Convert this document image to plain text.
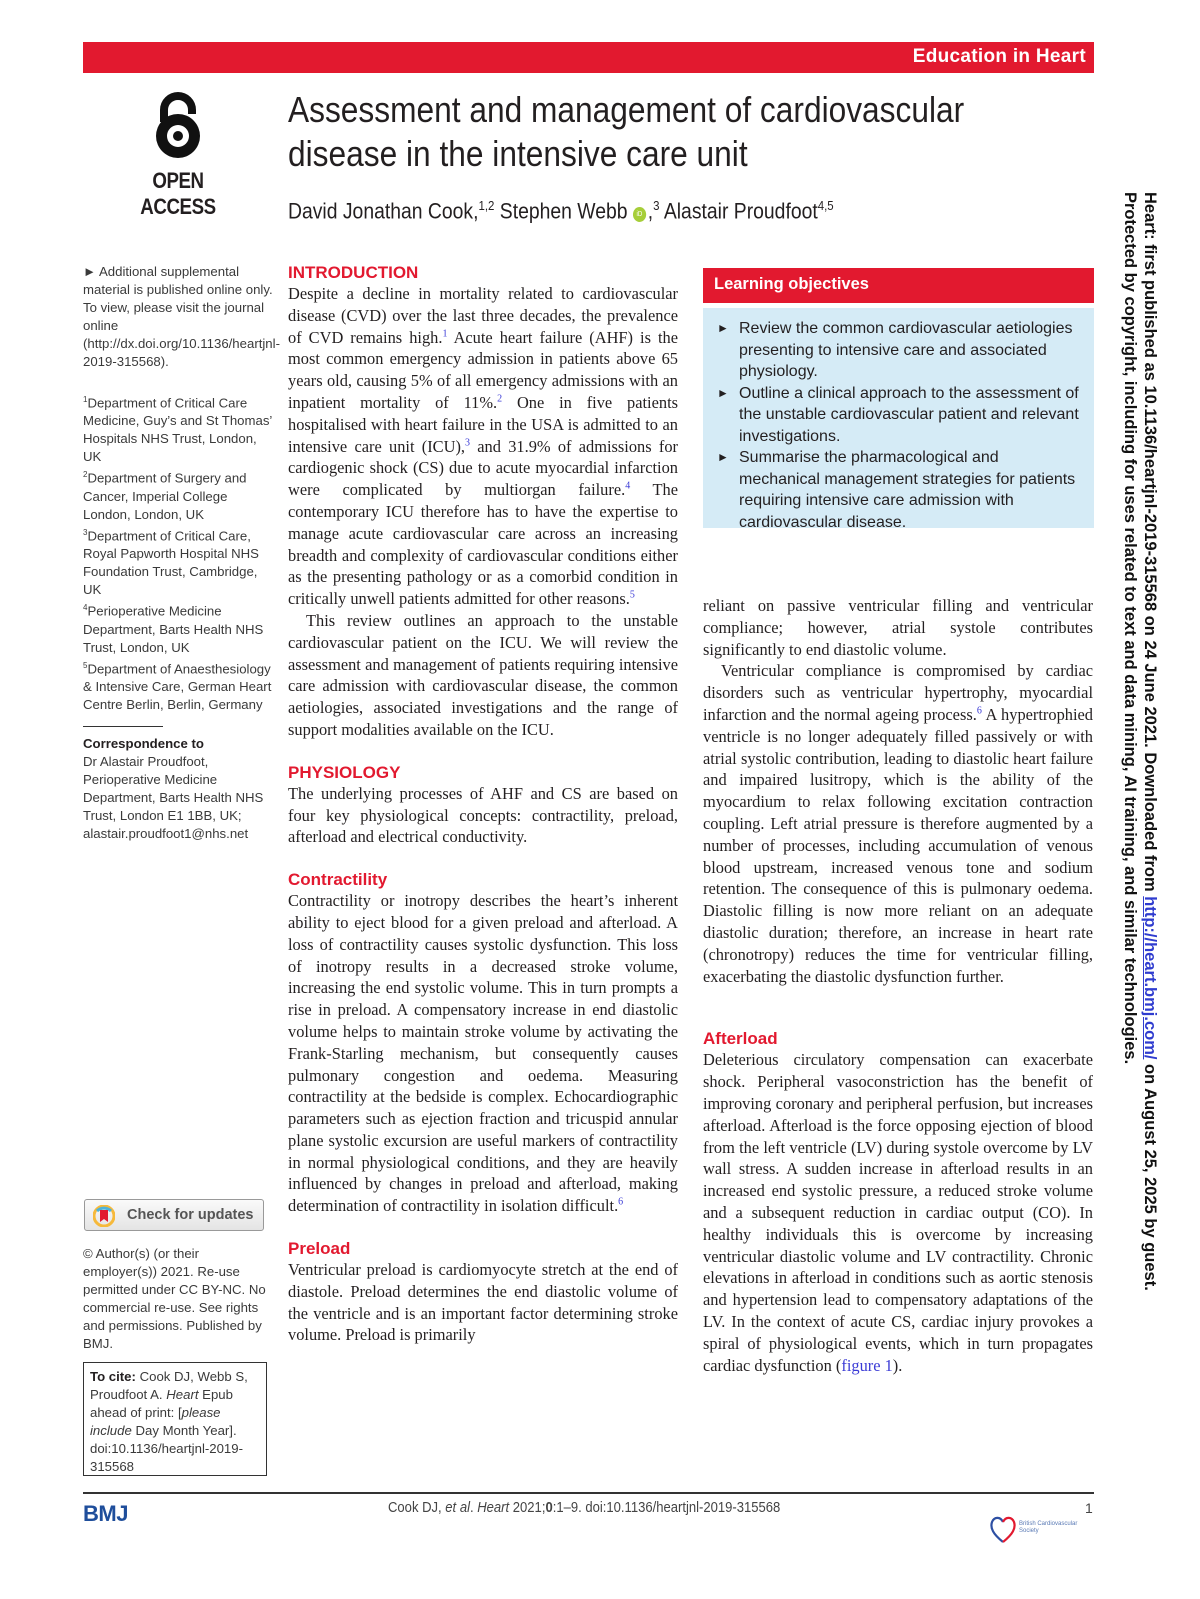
Education in Heart
OPEN ACCESS
Assessment and management of cardiovascular
disease in the intensive care unit
David Jonathan Cook,$^{1,2}$ Stephen Webb iD ,$^3$ Alastair Proudfoot$^{4,5}$

► Additional supplemental material is published online only. To view, please visit the journal online (http://dx.doi.org/10.1136/heartjnl-2019-315568).

$^1$Department of Critical Care Medicine, Guy’s and St Thomas’ Hospitals NHS Trust, London, UK

$^2$Department of Surgery and Cancer, Imperial College London, London, UK

$^3$Department of Critical Care, Royal Papworth Hospital NHS Foundation Trust, Cambridge, UK

$^4$Perioperative Medicine Department, Barts Health NHS Trust, London, UK

$^5$Department of Anaesthesiology & Intensive Care, German Heart Centre Berlin, Berlin, Germany

Correspondence to
Dr Alastair Proudfoot, Perioperative Medicine Department, Barts Health NHS Trust, London E1 1BB, UK; alastair.proudfoot1@nhs.net
Check for updates
© Author(s) (or their employer(s)) 2021. Re-use permitted under CC BY-NC. No commercial re-use. See rights and permissions. Published by BMJ.
To cite: Cook DJ, Webb S, Proudfoot A. Heart Epub ahead of print: [please include Day Month Year]. doi:10.1136/heartjnl-2019-315568
INTRODUCTION

Despite a decline in mortality related to cardiovascular disease (CVD) over the last three decades, the prevalence of CVD remains high.$^1$ Acute heart failure (AHF) is the most common emergency admission in patients above 65 years old, causing 5% of all emergency admissions with an inpatient mortality of 11%.$^2$ One in five patients hospitalised with heart failure in the USA is admitted to an intensive care unit (ICU),$^3$ and 31.9% of admissions for cardiogenic shock (CS) due to acute myocardial infarction were complicated by multiorgan failure.$^4$ The contemporary ICU therefore has to have the expertise to manage acute cardiovascular care across an increasing breadth and complexity of cardiovascular conditions either as the presenting pathology or as a comorbid condition in critically unwell patients admitted for other reasons.$^5$

This review outlines an approach to the unstable cardiovascular patient on the ICU. We will review the assessment and management of patients requiring intensive care admission with cardiovascular disease, the common aetiologies, associated investigations and the range of support modalities available on the ICU.

PHYSIOLOGY

The underlying processes of AHF and CS are based on four key physiological concepts: contractility, preload, afterload and electrical conductivity.

Contractility

Contractility or inotropy describes the heart’s inherent ability to eject blood for a given preload and afterload. A loss of contractility causes systolic dysfunction. This loss of inotropy results in a decreased stroke volume, increasing the end systolic volume. This in turn prompts a rise in preload. A compensatory increase in end diastolic volume helps to maintain stroke volume by activating the Frank-Starling mechanism, but consequently causes pulmonary congestion and oedema. Measuring contractility at the bedside is complex. Echocardiographic parameters such as ejection fraction and tricuspid annular plane systolic excursion are useful markers of contractility in normal physiological conditions, and they are heavily influenced by changes in preload and afterload, making determination of contractility in isolation difficult.$^6$

Preload

Ventricular preload is cardiomyocyte stretch at the end of diastole. Preload determines the end diastolic volume of the ventricle and is an important factor determining stroke volume. Preload is primarily

Learning objectives
► Review the common cardiovascular aetiologies presenting to intensive care and associated physiology.
► Outline a clinical approach to the assessment of the unstable cardiovascular patient and relevant investigations.
► Summarise the pharmacological and mechanical management strategies for patients requiring intensive care admission with cardiovascular disease.

reliant on passive ventricular filling and ventricular compliance; however, atrial systole contributes significantly to end diastolic volume.

Ventricular compliance is compromised by cardiac disorders such as ventricular hypertrophy, myocardial infarction and the normal ageing process.$^6$ A hypertrophied ventricle is no longer adequately filled passively or with atrial systolic contribution, leading to diastolic heart failure and impaired lusitropy, which is the ability of the myocardium to relax following excitation contraction coupling. Left atrial pressure is therefore augmented by a number of processes, including accumulation of venous blood upstream, increased venous tone and sodium retention. The consequence of this is pulmonary oedema. Diastolic filling is now more reliant on an adequate diastolic duration; therefore, an increase in heart rate (chronotropy) reduces the time for ventricular filling, exacerbating the diastolic dysfunction further.

Afterload

Deleterious circulatory compensation can exacerbate shock. Peripheral vasoconstriction has the benefit of improving coronary and peripheral perfusion, but increases afterload. Afterload is the force opposing ejection of blood from the left ventricle (LV) during systole overcome by LV wall stress. A sudden increase in afterload results in an increased end systolic pressure, a reduced stroke volume and a subsequent reduction in cardiac output (CO). In healthy individuals this is overcome by increasing ventricular diastolic volume and LV contractility. Chronic elevations in afterload in conditions such as aortic stenosis and hypertension lead to compensatory adaptations of the LV. In the context of acute CS, cardiac injury provokes a spiral of physiological events, which in turn propagates cardiac dysfunction (figure 1).

Heart: first published as 10.1136/heartjnl-2019-315568 on 24 June 2021. Downloaded from http://heart.bmj.com/ on August 25, 2025 by guest.
Protected by copyright, including for uses related to text and data mining, AI training, and similar technologies.
BMJ	Cook DJ, et al. Heart 2021;0:1–9. doi:10.1136/heartjnl-2019-315568
British Cardiovascular Society
1
